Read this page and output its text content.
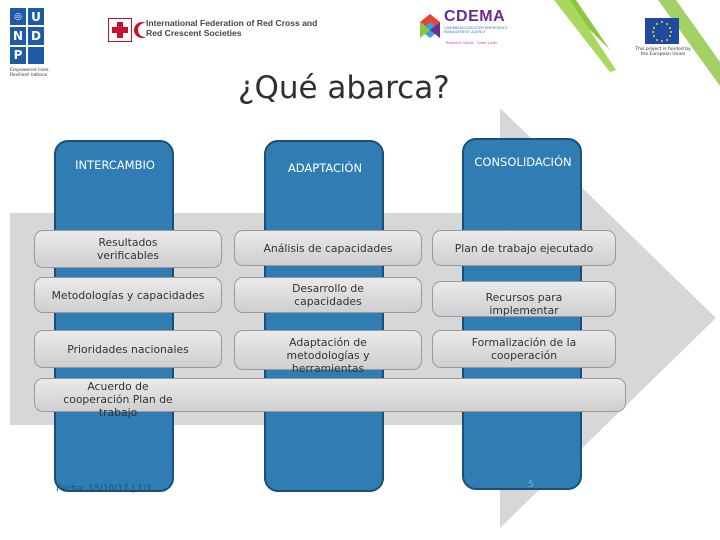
◎ U
N D
P
Empowered lives. Resilient nations.
International Federation of Red Cross and Red Crescent Societies
CDEMA
CARIBBEAN DISASTER EMERGENCY MANAGEMENT AGENCY
Resilient States · Safer Lives
This project is funded by the European Union
¿Qué abarca?
INTERCAMBIO	ADAPTACIÓN	CONSOLIDACIÓN
Resultados verificables
Metodologías y capacidades
Prioridades nacionales
Acuerdo de cooperación Plan de trabajo
Análisis de capacidades
Desarrollo de capacidades
Adaptación de metodologías y herramientas
Plan de trabajo ejecutado
Recursos para implementar
Formalización de la cooperación
Fecha: 15/10/17 | 1/1	5
